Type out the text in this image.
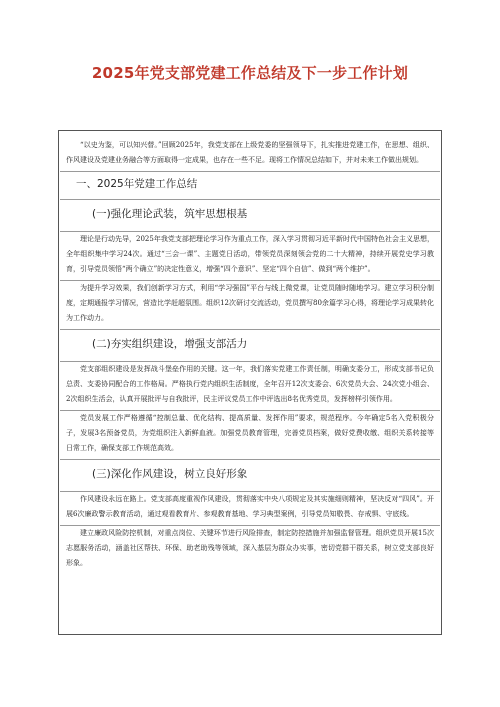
2025年党支部党建工作总结及下一步工作计划

“以史为鉴，可以知兴替。”回顾2025年，我党支部在上级党委的坚强领导下，扎实推进党建工作，在思想、组织、作风建设及党建业务融合等方面取得一定成果，也存在一些不足。现将工作情况总结如下，并对未来工作做出规划。

一、2025年党建工作总结

(一)强化理论武装，筑牢思想根基

理论是行动先导，2025年我党支部把理论学习作为重点工作，深入学习贯彻习近平新时代中国特色社会主义思想，全年组织集中学习24次。通过“三会一课”、主题党日活动，带领党员深刻领会党的二十大精神，持续开展党史学习教育，引导党员领悟“两个确立”的决定性意义，增强“四个意识”、坚定“四个自信”、做到“两个维护”。

为提升学习效果，我们创新学习方式，利用“学习强国”平台与线上微党课，让党员随时随地学习。建立学习积分制度，定期通报学习情况，营造比学赶超氛围。组织12次研讨交流活动，党员撰写80余篇学习心得，将理论学习成果转化为工作动力。

(二)夯实组织建设，增强支部活力

党支部组织建设是发挥战斗堡垒作用的关键。这一年，我们落实党建工作责任制，明确支委分工，形成支部书记负总责、支委协同配合的工作格局。严格执行党内组织生活制度，全年召开12次支委会、6次党员大会、24次党小组会、2次组织生活会，认真开展批评与自我批评，民主评议党员工作中评选出8名优秀党员，发挥榜样引领作用。

党员发展工作严格遵循“控制总量、优化结构、提高质量、发挥作用”要求，规范程序。今年确定5名入党积极分子，发展3名预备党员，为党组织注入新鲜血液。加强党员教育管理，完善党员档案，做好党费收缴、组织关系转接等日常工作，确保支部工作规范高效。

(三)深化作风建设，树立良好形象

作风建设永远在路上。党支部高度重视作风建设，贯彻落实中央八项规定及其实施细则精神，坚决反对“四风”。开展6次廉政警示教育活动，通过观看教育片、参观教育基地、学习典型案例，引导党员知敬畏、存戒惧、守底线。

建立廉政风险防控机制，对重点岗位、关键环节进行风险排查，制定防控措施并加强监督管理。组织党员开展15次志愿服务活动，涵盖社区帮扶、环保、助老助残等领域，深入基层为群众办实事，密切党群干群关系，树立党支部良好形象。
